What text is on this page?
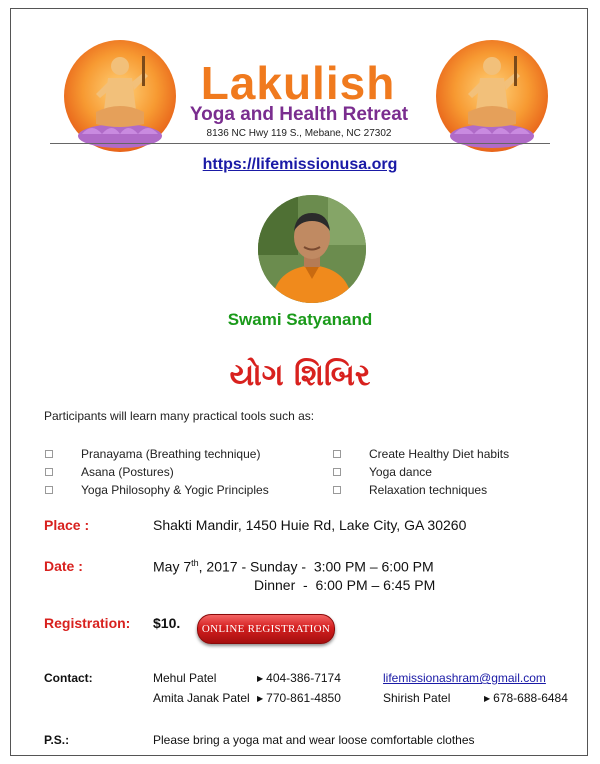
Lakulish
Yoga and Health Retreat
8136 NC Hwy 119 S., Mebane, NC 27302
https://lifemissionusa.org
Swami Satyanand
યોગ શિબિર
Participants will learn many practical tools such as:
Pranayama (Breathing technique)
Asana (Postures)
Yoga Philosophy & Yogic Principles
Create Healthy Diet habits
Yoga dance
Relaxation techniques
Place :	Shakti Mandir, 1450 Huie Rd, Lake City, GA 30260
Date :	May 7th, 2017 - Sunday -  3:00 PM – 6:00 PM
Dinner  -  6:00 PM – 6:45 PM
Registration: $10.	ONLINE REGISTRATION
Contact:	Mehul Patel	▶ 404-386-7174	lifemissionashram@gmail.com
Amita Janak Patel ▶ 770-861-4850	Shirish Patel	▶ 678-688-6484
P.S.:	Please bring a yoga mat and wear loose comfortable clothes
